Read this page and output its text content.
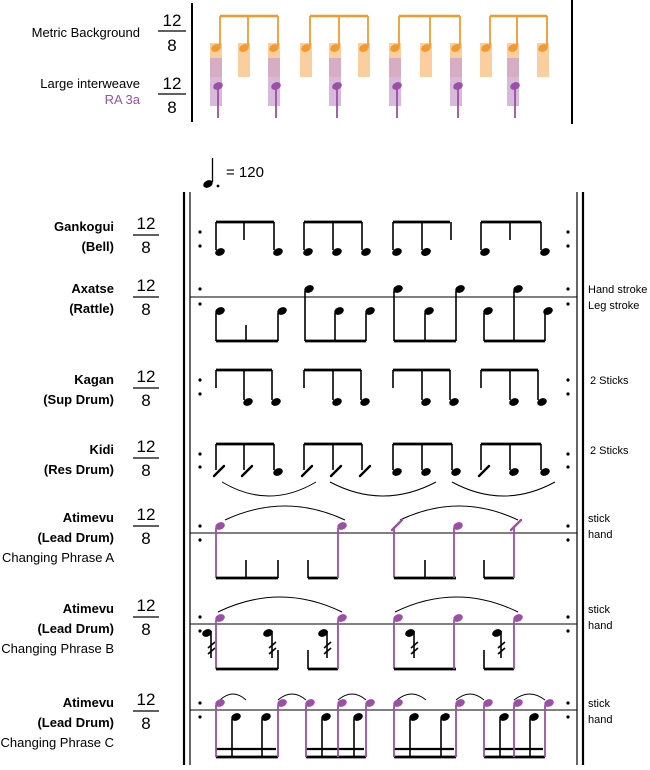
Metric Background
Large interweave
RA 3a
12
8
12
8
= 120
Gankogui
(Bell)
12
8
Axatse
(Rattle)
12
8
Hand stroke
Leg stroke
Kagan
(Sup Drum)
12
8
2 Sticks
Kidi
(Res Drum)
12
8
2 Sticks
Atimevu
(Lead Drum)
Changing Phrase A
12
8
stick
hand
Atimevu
(Lead Drum)
Changing Phrase B
12
8
stick
hand
Atimevu
(Lead Drum)
Changing Phrase C
12
8
stick
hand
